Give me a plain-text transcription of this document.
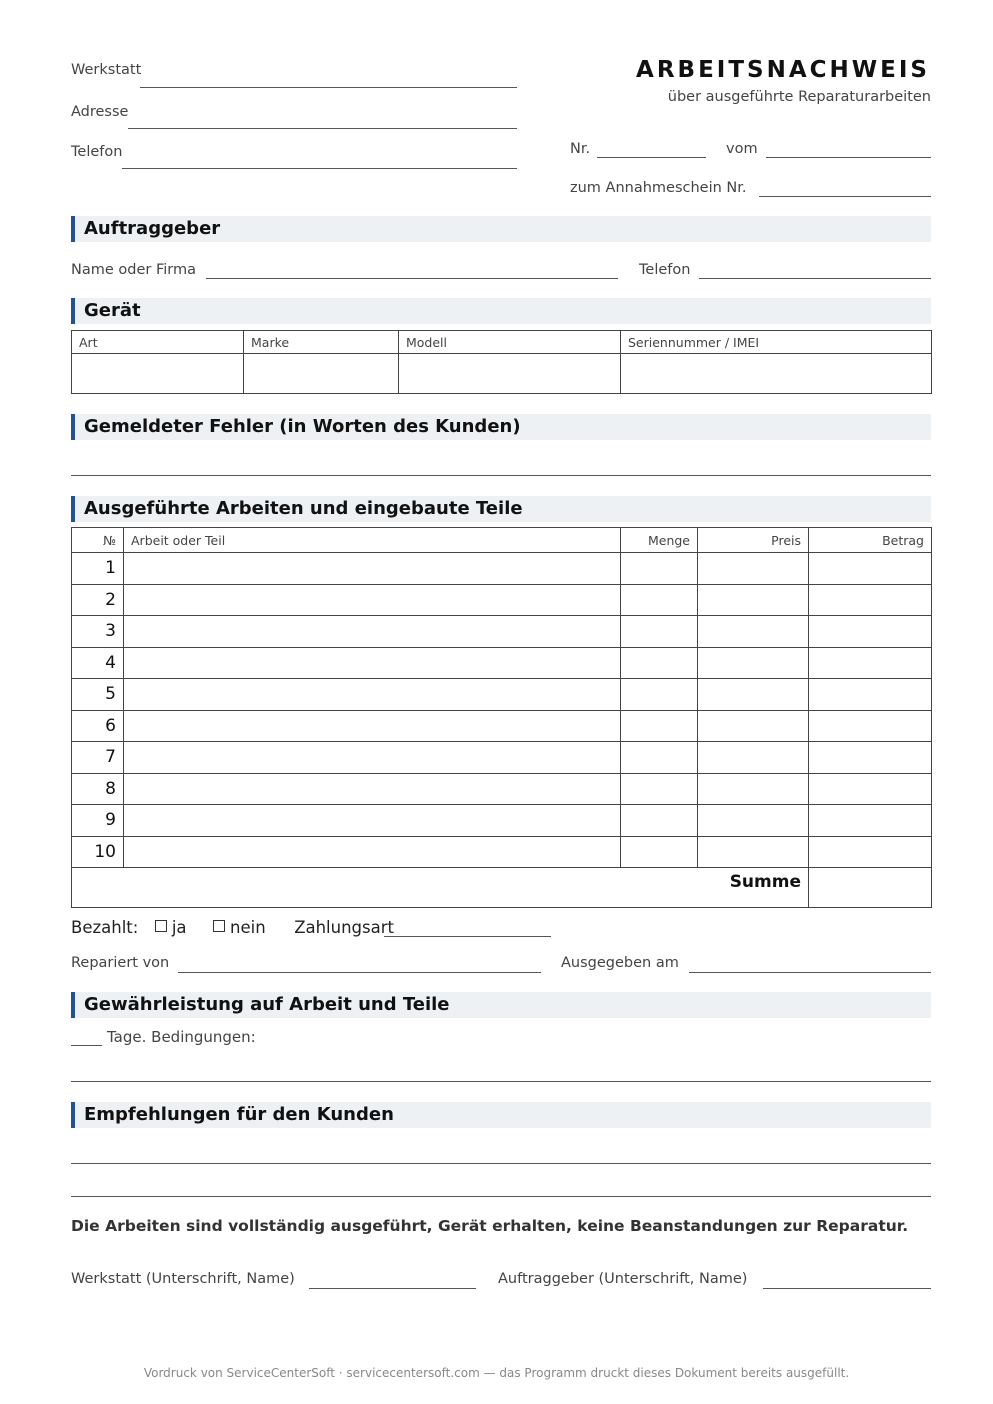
Werkstatt
Adresse
Telefon
ARBEITSNACHWEIS
über ausgeführte Reparaturarbeiten
Nr.	vom
zum Annahmeschein Nr.
Auftraggeber
Name oder Firma	Telefon
Gerät
Art	Marke	Modell	Seriennummer / IMEI

Gemeldeter Fehler (in Worten des Kunden)
Ausgeführte Arbeiten und eingebaute Teile
№	Arbeit oder Teil	Menge	Preis	Betrag
1				
2				
3				
4				
5				
6				
7				
8				
9				
10				
Summe				
Bezahlt: ja	nein Zahlungsart
Repariert von	Ausgegeben am
Gewährleistung auf Arbeit und Teile
Tage. Bedingungen:
Empfehlungen für den Kunden
Die Arbeiten sind vollständig ausgeführt, Gerät erhalten, keine Beanstandungen zur Reparatur.
Werkstatt (Unterschrift, Name)	Auftraggeber (Unterschrift, Name)
Vordruck von ServiceCenterSoft · servicecentersoft.com — das Programm druckt dieses Dokument bereits ausgefüllt.
